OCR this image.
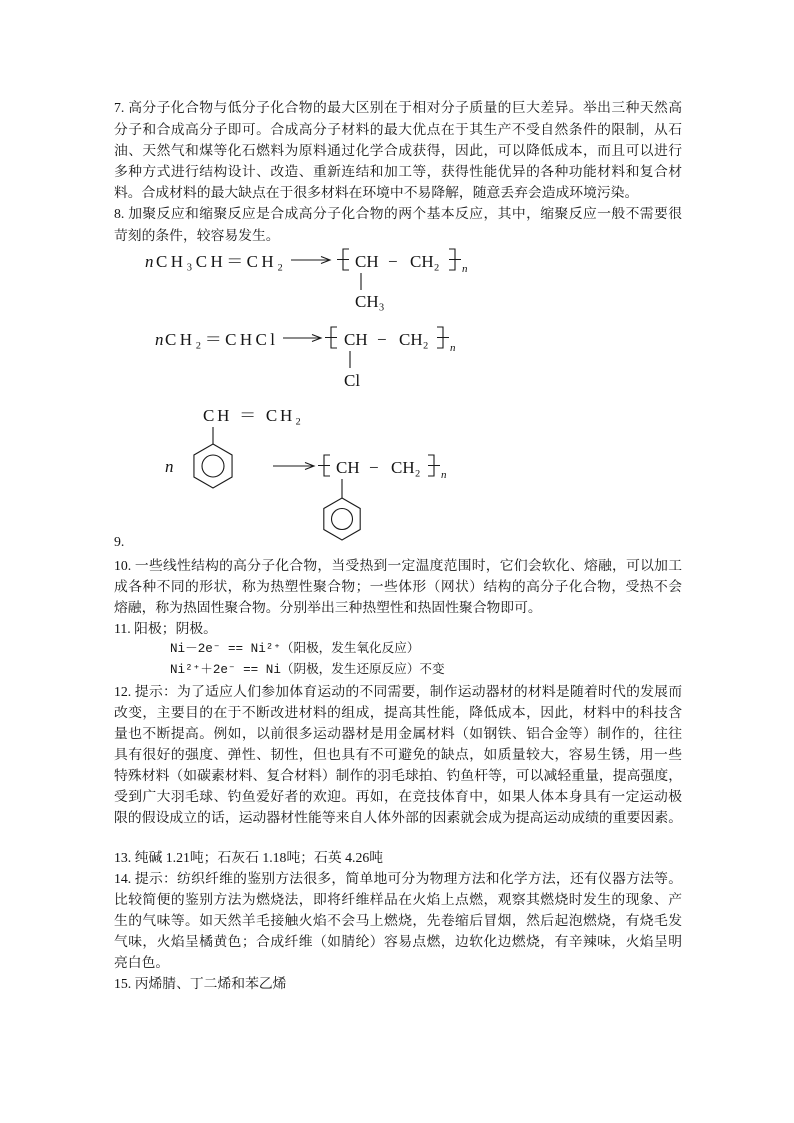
7. 高分子化合物与低分子化合物的最大区别在于相对分子质量的巨大差异。举出三种天然高
分子和合成高分子即可。合成高分子材料的最大优点在于其生产不受自然条件的限制，从石
油、天然气和煤等化石燃料为原料通过化学合成获得，因此，可以降低成本，而且可以进行
多种方式进行结构设计、改造、重新连结和加工等，获得性能优异的各种功能材料和复合材
料。合成材料的最大缺点在于很多材料在环境中不易降解，随意丢弃会造成环境污染。
8. 加聚反应和缩聚反应是合成高分子化合物的两个基本反应，其中，缩聚反应一般不需要很
苛刻的条件，较容易发生。
n CH₃CH＝CH₂	CH − CH₂ n
CH₃
n CH₂＝CHCl	CH − CH₂ n
Cl
CH ＝ CH₂
n	CH − CH₂ n
9.
10. 一些线性结构的高分子化合物，当受热到一定温度范围时，它们会软化、熔融，可以加工
成各种不同的形状，称为热塑性聚合物；一些体形（网状）结构的高分子化合物，受热不会
熔融，称为热固性聚合物。分别举出三种热塑性和热固性聚合物即可。
11. 阳极；阴极。
Ni－2e⁻ == Ni²⁺（阳极，发生氧化反应）
Ni²⁺＋2e⁻ == Ni（阴极，发生还原反应）不变
12. 提示：为了适应人们参加体育运动的不同需要，制作运动器材的材料是随着时代的发展而
改变，主要目的在于不断改进材料的组成，提高其性能，降低成本，因此，材料中的科技含
量也不断提高。例如，以前很多运动器材是用金属材料（如钢铁、铝合金等）制作的，往往
具有很好的强度、弹性、韧性，但也具有不可避免的缺点，如质量较大，容易生锈，用一些
特殊材料（如碳素材料、复合材料）制作的羽毛球拍、钓鱼杆等，可以减轻重量，提高强度，
受到广大羽毛球、钓鱼爱好者的欢迎。再如，在竞技体育中，如果人体本身具有一定运动极
限的假设成立的话，运动器材性能等来自人体外部的因素就会成为提高运动成绩的重要因素。
13. 纯碱 1.21吨；石灰石 1.18吨；石英 4.26吨
14. 提示：纺织纤维的鉴别方法很多，简单地可分为物理方法和化学方法，还有仪器方法等。
比较简便的鉴别方法为燃烧法，即将纤维样品在火焰上点燃，观察其燃烧时发生的现象、产
生的气味等。如天然羊毛接触火焰不会马上燃烧，先卷缩后冒烟，然后起泡燃烧，有烧毛发
气味，火焰呈橘黄色；合成纤维（如腈纶）容易点燃，边软化边燃烧，有辛辣味，火焰呈明
亮白色。
15. 丙烯腈、丁二烯和苯乙烯
